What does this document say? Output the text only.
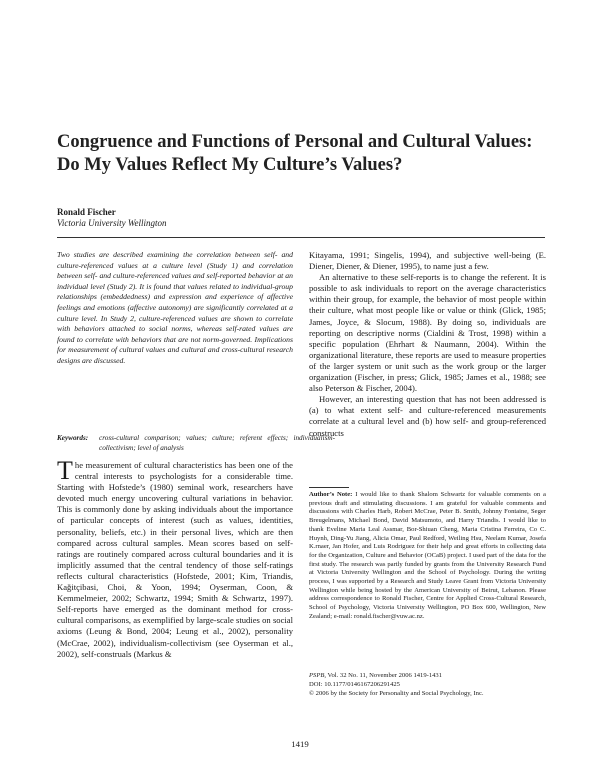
Congruence and Functions of Personal and Cultural Values: Do My Values Reflect My Culture’s Values?
Ronald Fischer
Victoria University Wellington
Two studies are described examining the correlation between self- and culture-referenced values at a culture level (Study 1) and correlation between self- and culture-referenced values and self-reported behavior at an individual level (Study 2). It is found that values related to individual-group relationships (embeddedness) and expression and experience of affective feelings and emotions (affective autonomy) are significantly correlated at a culture level. In Study 2, culture-referenced values are shown to correlate with behaviors attached to social norms, whereas self-rated values are found to correlate with behaviors that are not norm-governed. Implications for measurement of cultural values and cultural and cross-cultural research designs are discussed.
Keywords: cross-cultural comparison; values; culture; referent effects; individualism-collectivism; level of analysis

The measurement of cultural characteristics has been one of the central interests to psychologists for a considerable time. Starting with Hofstede’s (1980) seminal work, researchers have devoted much energy uncovering cultural variations in behavior. This is commonly done by asking individuals about the importance of particular concepts of interest (such as values, identities, personality, beliefs, etc.) in their personal lives, which are then compared across cultural samples. Mean scores based on self-ratings are routinely compared across cultural boundaries and it is implicitly assumed that the central tendency of those self-ratings reflects cultural characteristics (Hofstede, 2001; Kim, Triandis, Kağitçibasi, Choi, & Yoon, 1994; Oyserman, Coon, & Kemmelmeier, 2002; Schwartz, 1994; Smith & Schwartz, 1997). Self-reports have emerged as the dominant method for cross-cultural comparisons, as exemplified by large-scale studies on social axioms (Leung & Bond, 2004; Leung et al., 2002), personality (McCrae, 2002), individualism-collectivism (see Oyserman et al., 2002), self-construals (Markus &

Kitayama, 1991; Singelis, 1994), and subjective well-being (E. Diener, Diener, & Diener, 1995), to name just a few.

An alternative to these self-reports is to change the referent. It is possible to ask individuals to report on the average characteristics within their group, for example, the behavior of most people within their culture, what most people like or value or think (Glick, 1985; James, Joyce, & Slocum, 1988). By doing so, individuals are reporting on descriptive norms (Cialdini & Trost, 1998) within a specific population (Ehrhart & Naumann, 2004). Within the organizational literature, these reports are used to measure properties of the larger system or unit such as the work group or the larger organization (Fischer, in press; Glick, 1985; James et al., 1988; see also Peterson & Fischer, 2004).

However, an interesting question that has not been addressed is (a) to what extent self- and culture-referenced measurements correlate at a cultural level and (b) how self- and group-referenced constructs

Author’s Note: I would like to thank Shalom Schwartz for valuable comments on a previous draft and stimulating discussions. I am grateful for valuable comments and discussions with Charles Harb, Robert McCrae, Peter B. Smith, Johnny Fontaine, Seger Breugelmans, Michael Bond, David Matsumoto, and Harry Triandis. I would like to thank Eveline Maria Leal Assmar, Bor-Shiuan Cheng, Maria Cristina Ferreira, Co C. Huynh, Ding-Yu Jiang, Alicia Omar, Paul Redford, Weiling Hsu, Neelam Kumar, Josefa K.rnaer, Jan Hofer, and Luis Rodriguez for their help and great efforts in collecting data for the Organization, Culture and Behavior (OCaB) project. I used part of the data for the first study. The research was partly funded by grants from the University Research Fund at Victoria University Wellington and the School of Psychology. During the writing process, I was supported by a Research and Study Leave Grant from Victoria University Wellington while being hosted by the American University of Beirut, Lebanon. Please address correspondence to Ronald Fischer, Centre for Applied Cross-Cultural Research, School of Psychology, Victoria University Wellington, PO Box 600, Wellington, New Zealand; e-mail: ronald.fischer@vuw.ac.nz.
PSPB, Vol. 32 No. 11, November 2006 1419-1431
DOI: 10.1177/0146167206291425
© 2006 by the Society for Personality and Social Psychology, Inc.
1419
